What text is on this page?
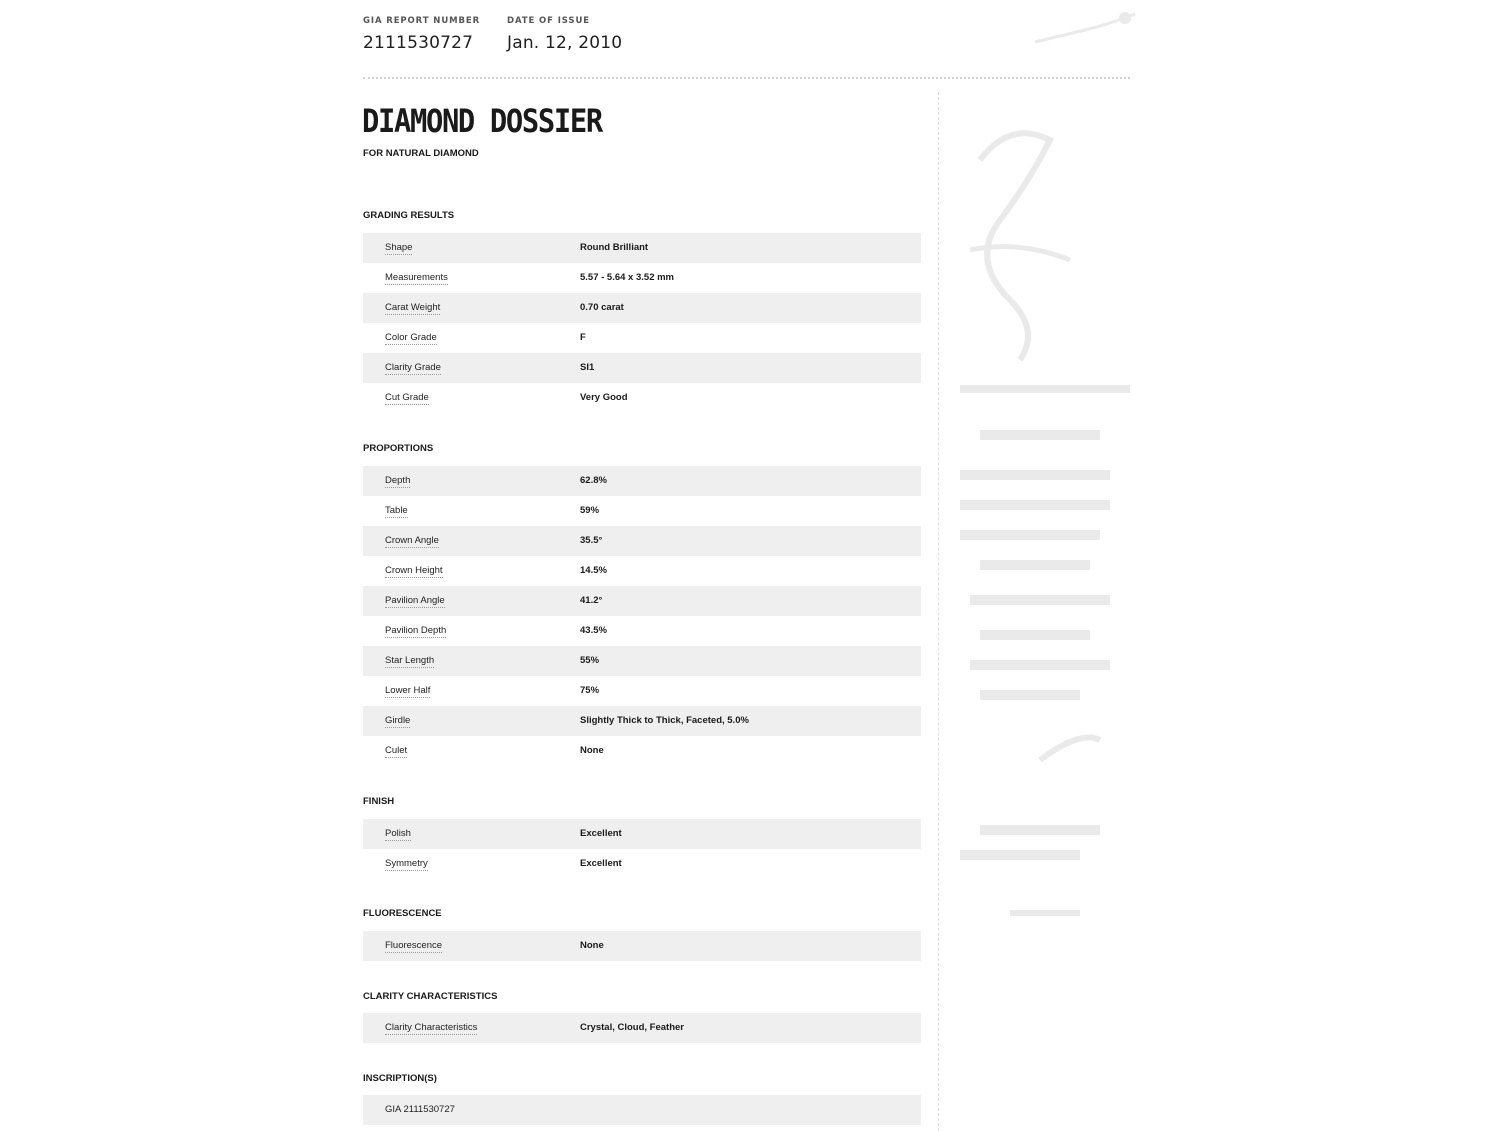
GIA REPORT NUMBER
2111530727
DATE OF ISSUE
Jan. 12, 2010
DIAMOND DOSSIER
FOR NATURAL DIAMOND
GRADING RESULTS
Shape	Round Brilliant
Measurements	5.57 - 5.64 x 3.52 mm
Carat Weight	0.70 carat
Color Grade	F
Clarity Grade	SI1
Cut Grade	Very Good
PROPORTIONS
Depth	62.8%
Table	59%
Crown Angle	35.5°
Crown Height	14.5%
Pavilion Angle	41.2°
Pavilion Depth	43.5%
Star Length	55%
Lower Half	75%
Girdle	Slightly Thick to Thick, Faceted, 5.0%
Culet	None
FINISH
Polish	Excellent
Symmetry	Excellent
FLUORESCENCE
Fluorescence	None
CLARITY CHARACTERISTICS
Clarity Characteristics	Crystal, Cloud, Feather
INSCRIPTION(S)
GIA 2111530727
